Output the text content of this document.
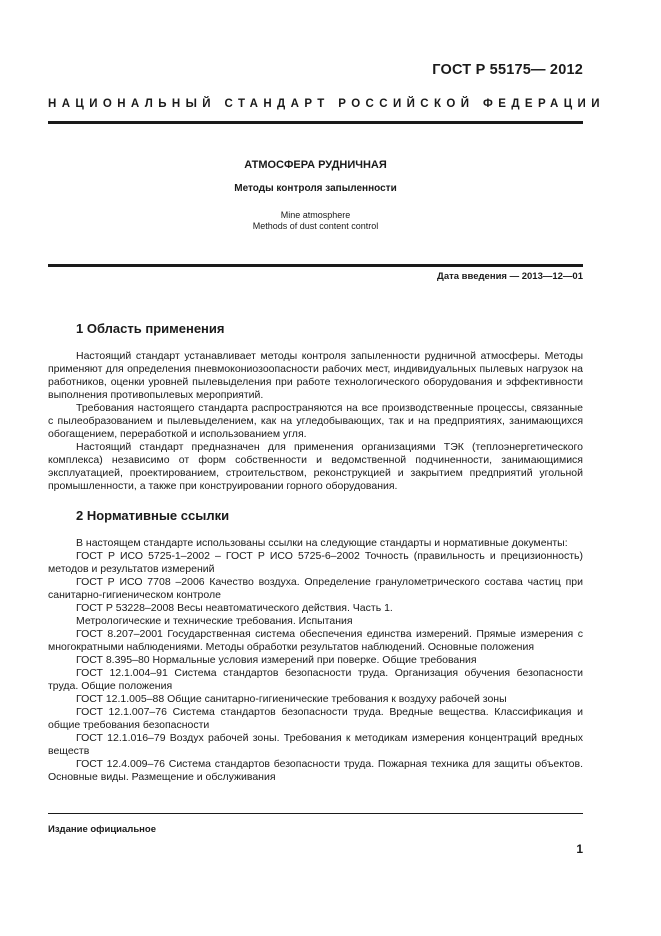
ГОСТ Р 55175— 2012
НАЦИОНАЛЬНЫЙ СТАНДАРТ РОССИЙСКОЙ ФЕДЕРАЦИИ
АТМОСФЕРА РУДНИЧНАЯ
Методы контроля запыленности
Mine atmosphere
Methods of dust content control
Дата введения — 2013—12—01
1 Область применения

Настоящий стандарт устанавливает методы контроля запыленности рудничной атмосферы. Методы применяют для определения пневмокониозоопасности рабочих мест, индивидуальных пылевых нагрузок на работников, оценки уровней пылевыделения при работе технологического оборудования и эффективности выполнения противопылевых мероприятий.

Требования настоящего стандарта распространяются на все производственные процессы, связанные с пылеобразованием и пылевыделением, как на угледобывающих, так и на предприятиях, занимающихся обогащением, переработкой и использованием угля.

Настоящий стандарт предназначен для применения организациями ТЭК (теплоэнергетического комплекса) независимо от форм собственности и ведомственной подчиненности, занимающимися эксплуатацией, проектированием, строительством, реконструкцией и закрытием предприятий угольной промышленности, а также при конструировании горного оборудования.

2 Нормативные ссылки

В настоящем стандарте использованы ссылки на следующие стандарты и нормативные документы:

ГОСТ Р ИСО 5725-1–2002 – ГОСТ Р ИСО 5725-6–2002 Точность (правильность и прецизионность) методов и результатов измерений

ГОСТ Р ИСО 7708 –2006 Качество воздуха. Определение гранулометрического состава частиц при санитарно-гигиеническом контроле

ГОСТ Р 53228–2008 Весы неавтоматического действия. Часть 1.

Метрологические и технические требования. Испытания

ГОСТ 8.207–2001 Государственная система обеспечения единства измерений. Прямые измерения с многократными наблюдениями. Методы обработки результатов наблюдений. Основные положения

ГОСТ 8.395–80 Нормальные условия измерений при поверке. Общие требования

ГОСТ 12.1.004–91 Система стандартов безопасности труда. Организация обучения безопасности труда. Общие положения

ГОСТ 12.1.005–88 Общие санитарно-гигиенические требования к воздуху рабочей зоны

ГОСТ 12.1.007–76 Система стандартов безопасности труда. Вредные вещества. Классификация и общие требования безопасности

ГОСТ 12.1.016–79 Воздух рабочей зоны. Требования к методикам измерения концентраций вредных веществ

ГОСТ 12.4.009–76 Система стандартов безопасности труда. Пожарная техника для защиты объектов. Основные виды. Размещение и обслуживания

Издание официальное
1
